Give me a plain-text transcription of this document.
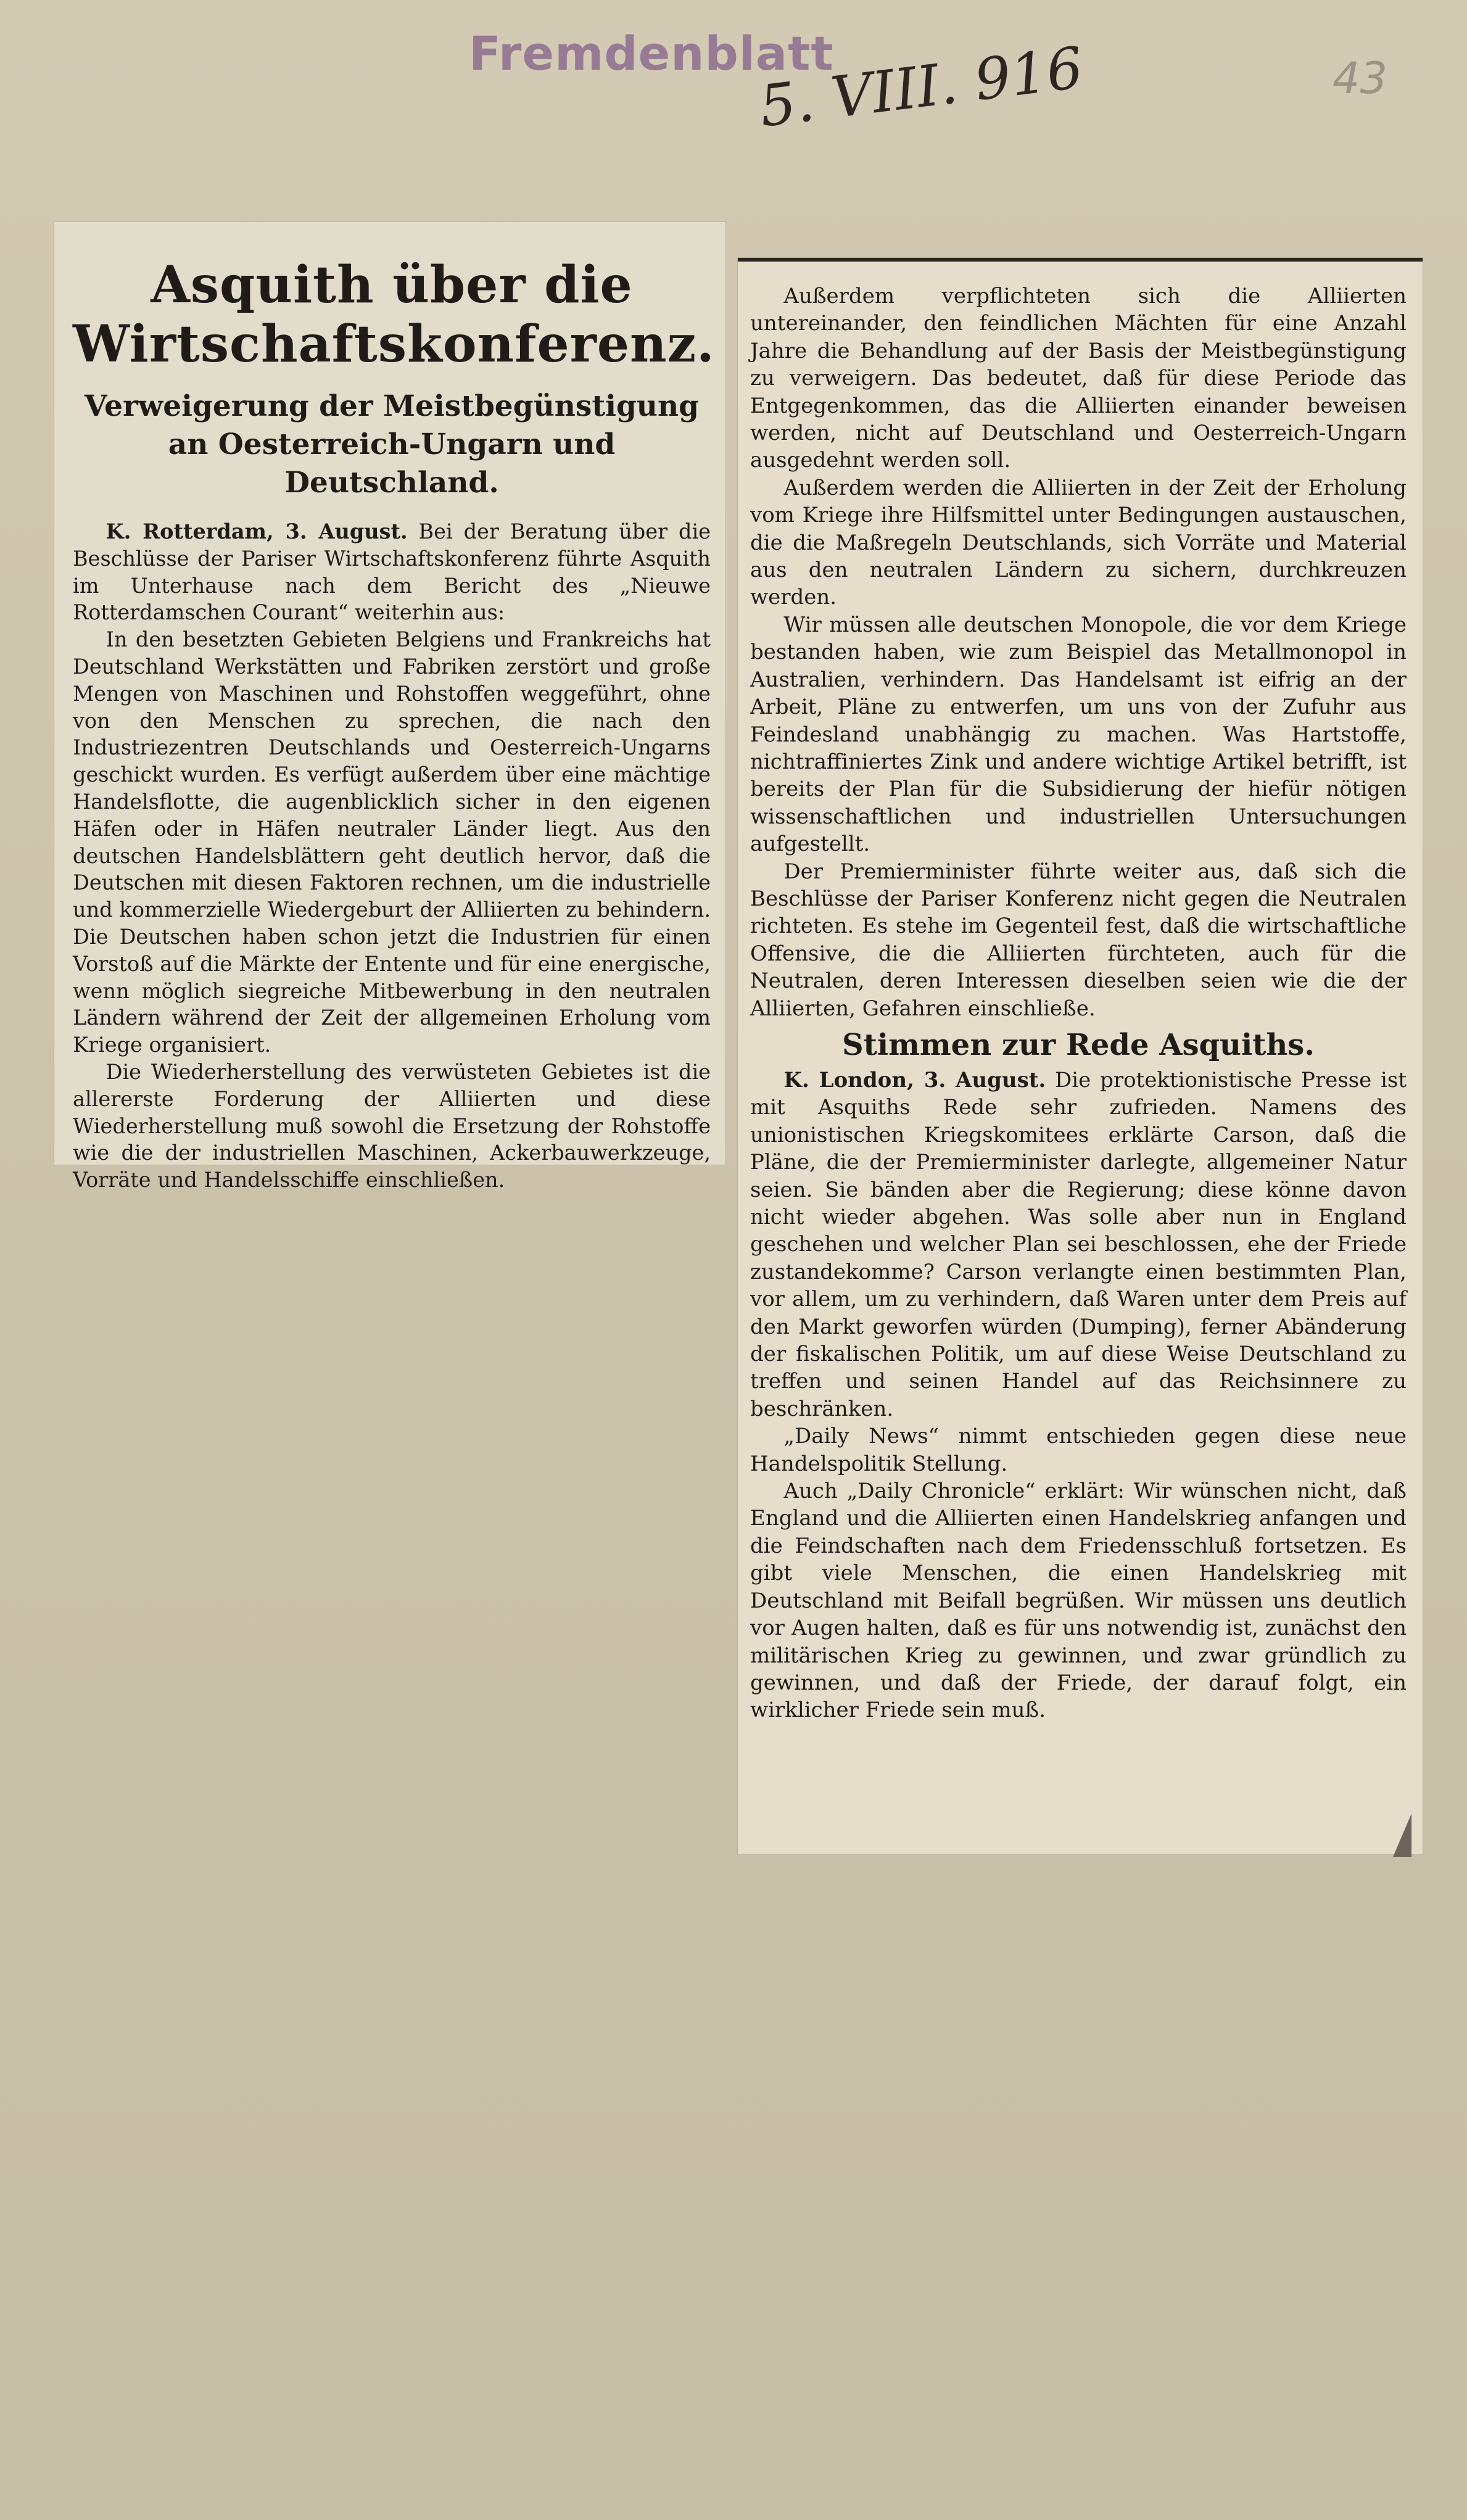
Fremdenblatt
5. VIII. 916	43
Asquith über die Wirtschaftskonferenz.
Verweigerung der Meistbegünstigung an Oesterreich-Ungarn und Deutschland.

K. Rotterdam, 3. August. Bei der Beratung über die Beschlüsse der Pariser Wirtschaftskonferenz führte Asquith im Unterhause nach dem Bericht des „Nieuwe Rotterdamschen Courant“ weiterhin aus:

In den besetzten Gebieten Belgiens und Frankreichs hat Deutschland Werkstätten und Fabriken zerstört und große Mengen von Maschinen und Rohstoffen weggeführt, ohne von den Menschen zu sprechen, die nach den Industriezentren Deutschlands und Oesterreich-Ungarns geschickt wurden. Es verfügt außerdem über eine mächtige Handelsflotte, die augenblicklich sicher in den eigenen Häfen oder in Häfen neutraler Länder liegt. Aus den deutschen Handelsblättern geht deutlich hervor, daß die Deutschen mit diesen Faktoren rechnen, um die industrielle und kommerzielle Wiedergeburt der Alliierten zu behindern. Die Deutschen haben schon jetzt die Industrien für einen Vorstoß auf die Märkte der Entente und für eine energische, wenn möglich siegreiche Mitbewerbung in den neutralen Ländern während der Zeit der allgemeinen Erholung vom Kriege organisiert.

Die Wiederherstellung des verwüsteten Gebietes ist die allererste Forderung der Alliierten und diese Wiederherstellung muß sowohl die Ersetzung der Rohstoffe wie die der industriellen Maschinen, Ackerbauwerkzeuge, Vorräte und Handelsschiffe einschließen.

Außerdem verpflichteten sich die Alliierten untereinander, den feindlichen Mächten für eine Anzahl Jahre die Behandlung auf der Basis der Meistbegünstigung zu verweigern. Das bedeutet, daß für diese Periode das Entgegenkommen, das die Alliierten einander beweisen werden, nicht auf Deutschland und Oesterreich-Ungarn ausgedehnt werden soll.

Außerdem werden die Alliierten in der Zeit der Erholung vom Kriege ihre Hilfsmittel unter Bedingungen austauschen, die die Maßregeln Deutschlands, sich Vorräte und Material aus den neutralen Ländern zu sichern, durchkreuzen werden.

Wir müssen alle deutschen Monopole, die vor dem Kriege bestanden haben, wie zum Beispiel das Metallmonopol in Australien, verhindern. Das Handelsamt ist eifrig an der Arbeit, Pläne zu entwerfen, um uns von der Zufuhr aus Feindesland unabhängig zu machen. Was Hartstoffe, nichtraffiniertes Zink und andere wichtige Artikel betrifft, ist bereits der Plan für die Subsidierung der hiefür nötigen wissenschaftlichen und industriellen Untersuchungen aufgestellt.

Der Premierminister führte weiter aus, daß sich die Beschlüsse der Pariser Konferenz nicht gegen die Neutralen richteten. Es stehe im Gegenteil fest, daß die wirtschaftliche Offensive, die die Alliierten fürchteten, auch für die Neutralen, deren Interessen dieselben seien wie die der Alliierten, Gefahren einschließe.

Stimmen zur Rede Asquiths.

K. London, 3. August. Die protektionistische Presse ist mit Asquiths Rede sehr zufrieden. Namens des unionistischen Kriegskomitees erklärte Carson, daß die Pläne, die der Premierminister darlegte, allgemeiner Natur seien. Sie bänden aber die Regierung; diese könne davon nicht wieder abgehen. Was solle aber nun in England geschehen und welcher Plan sei beschlossen, ehe der Friede zustandekomme? Carson verlangte einen bestimmten Plan, vor allem, um zu verhindern, daß Waren unter dem Preis auf den Markt geworfen würden (Dumping), ferner Abänderung der fiskalischen Politik, um auf diese Weise Deutschland zu treffen und seinen Handel auf das Reichsinnere zu beschränken.

„Daily News“ nimmt entschieden gegen diese neue Handelspolitik Stellung.

Auch „Daily Chronicle“ erklärt: Wir wünschen nicht, daß England und die Alliierten einen Handelskrieg anfangen und die Feindschaften nach dem Friedensschluß fortsetzen. Es gibt viele Menschen, die einen Handelskrieg mit Deutschland mit Beifall begrüßen. Wir müssen uns deutlich vor Augen halten, daß es für uns notwendig ist, zunächst den militärischen Krieg zu gewinnen, und zwar gründlich zu gewinnen, und daß der Friede, der darauf folgt, ein wirklicher Friede sein muß.
